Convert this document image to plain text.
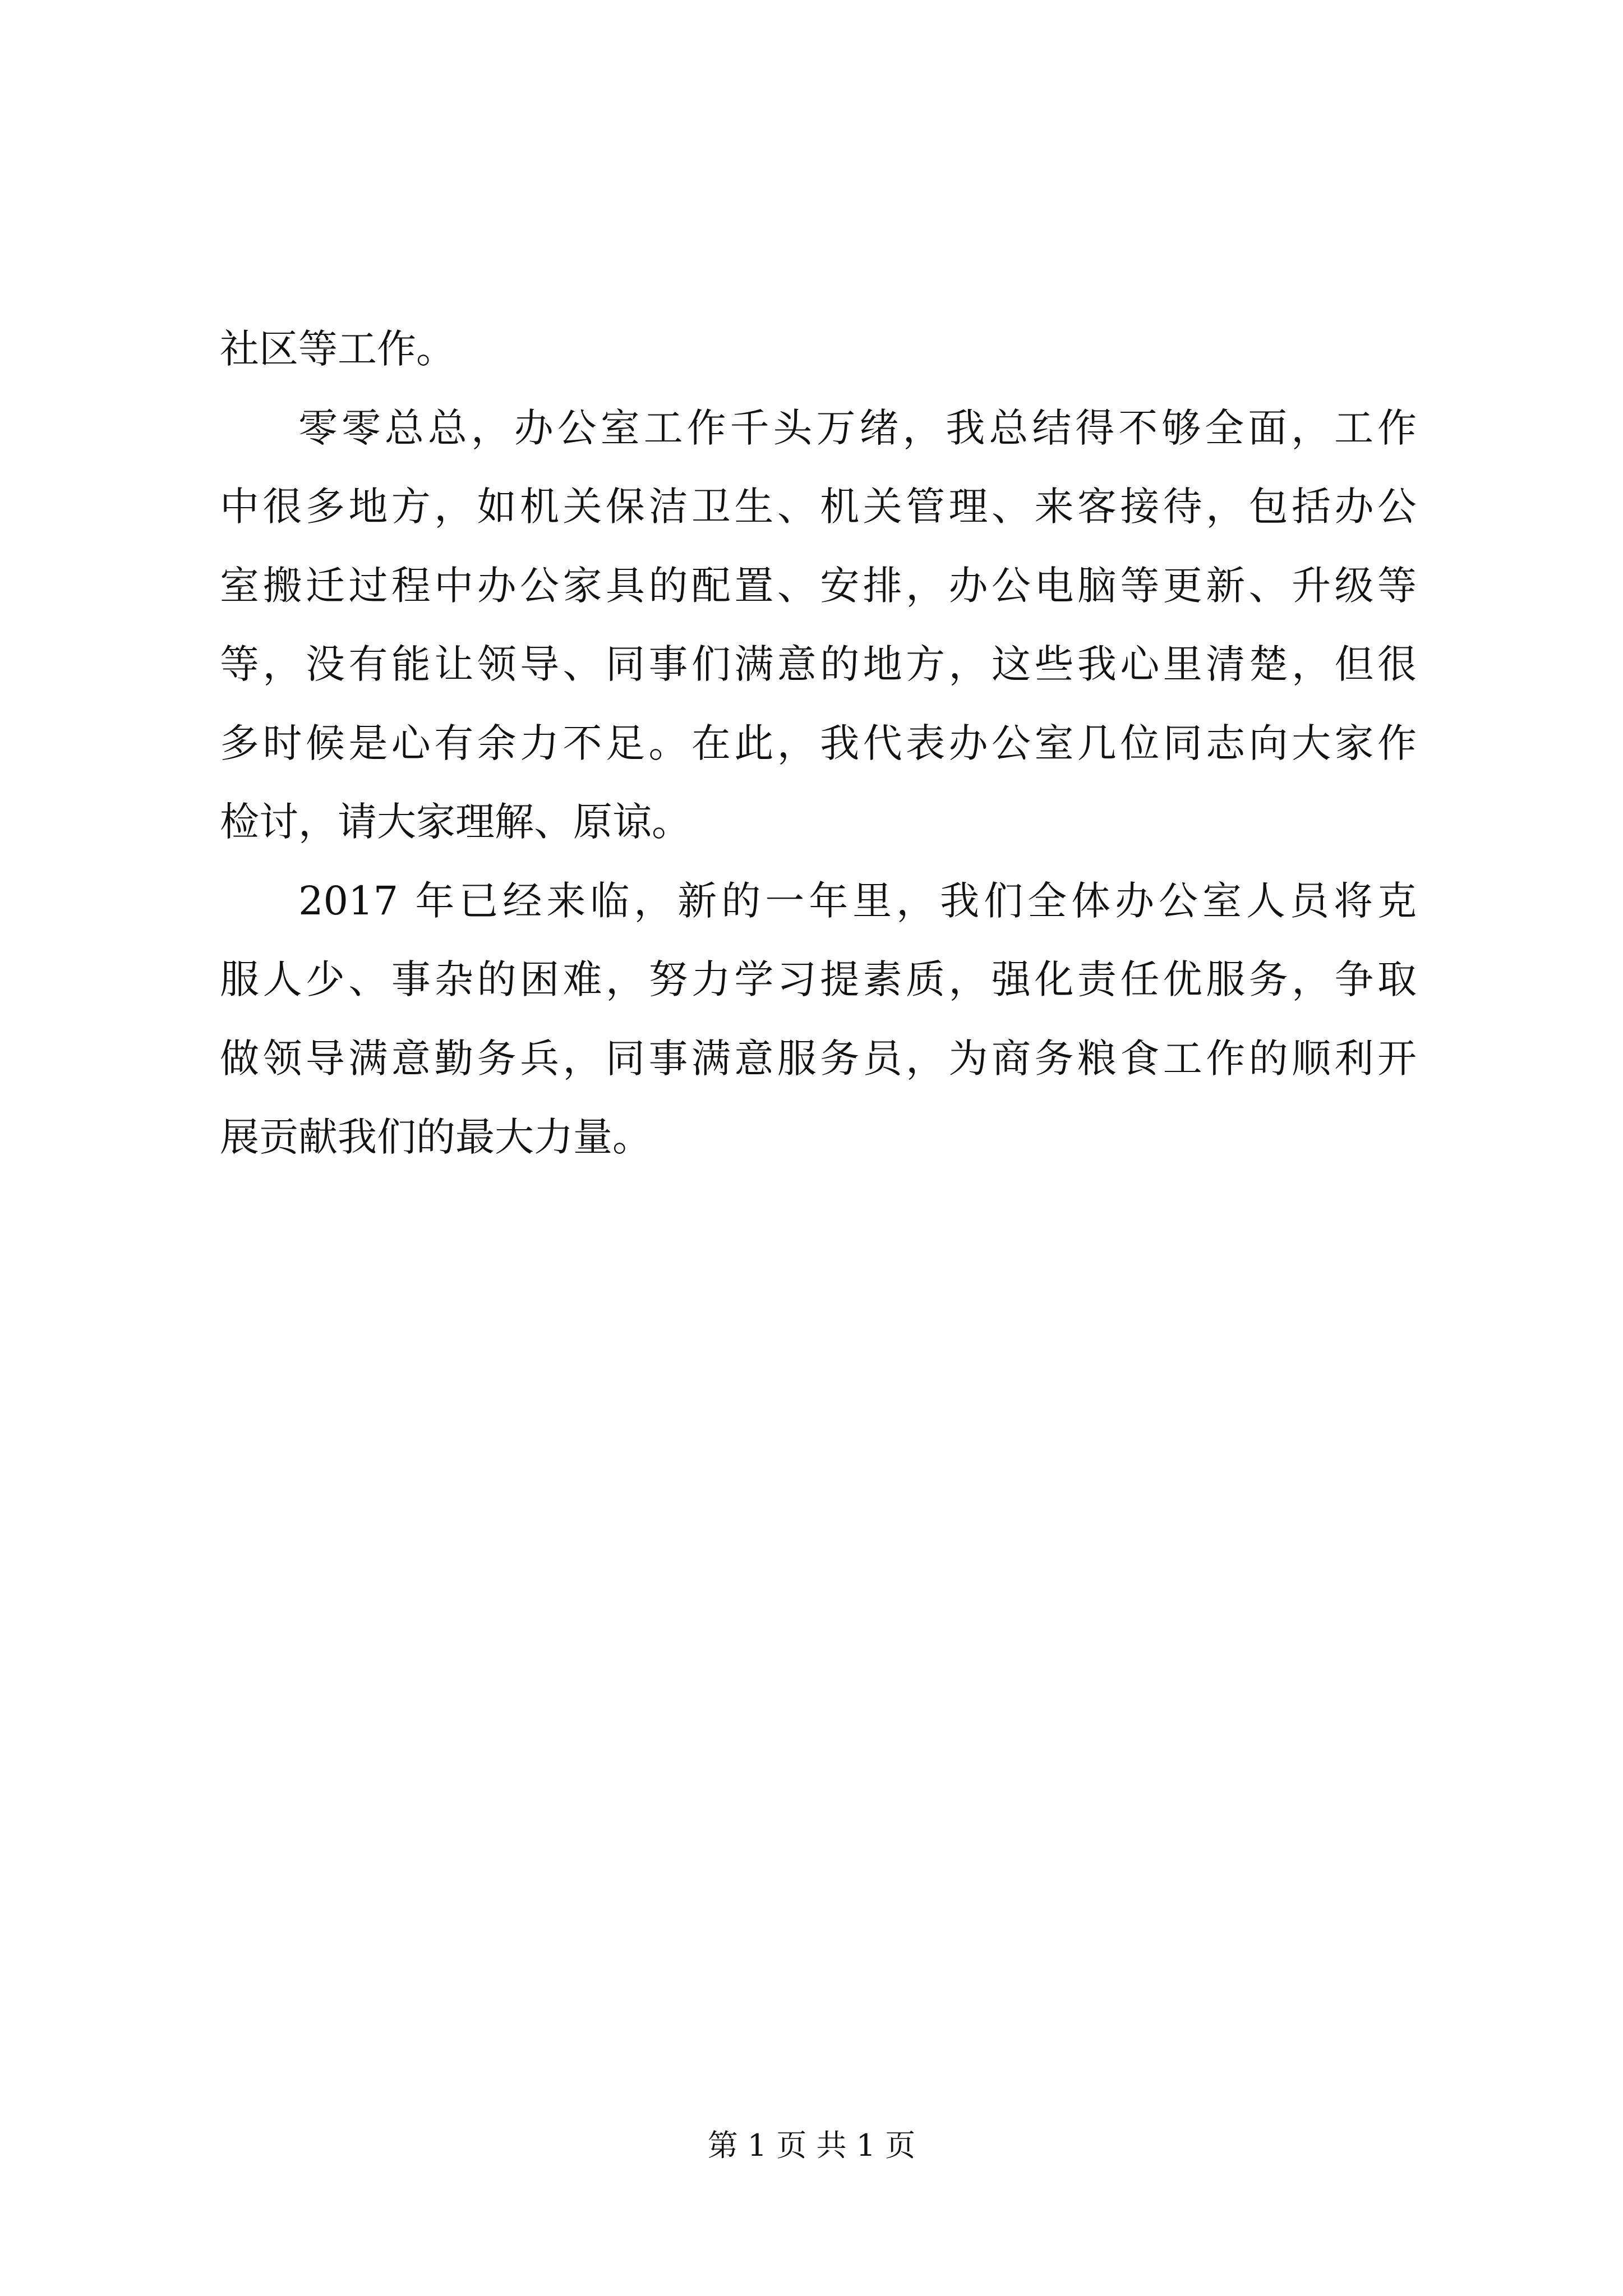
社区等工作。
零零总总，办公室工作千头万绪，我总结得不够全面，工作
中很多地方，如机关保洁卫生、机关管理、来客接待，包括办公
室搬迁过程中办公家具的配置、安排，办公电脑等更新、升级等
等，没有能让领导、同事们满意的地方，这些我心里清楚，但很
多时候是心有余力不足。在此，我代表办公室几位同志向大家作
检讨，请大家理解、原谅。
2017 年已经来临，新的一年里，我们全体办公室人员将克
服人少、事杂的困难，努力学习提素质，强化责任优服务，争取
做领导满意勤务兵，同事满意服务员，为商务粮食工作的顺利开
展贡献我们的最大力量。
第 1 页 共 1 页
